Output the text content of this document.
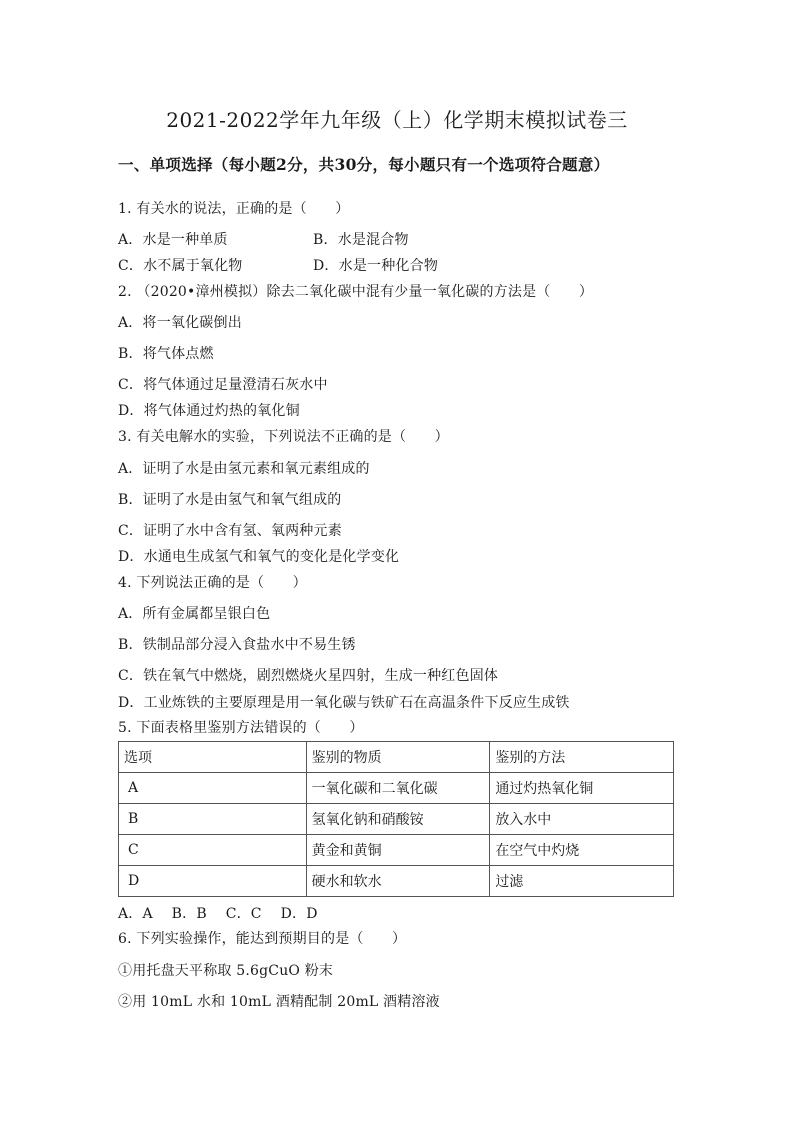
2021-2022学年九年级（上）化学期末模拟试卷三
一、单项选择（每小题2分，共30分，每小题只有一个选项符合题意）
1. 有关水的说法，正确的是（　　）
A．水是一种单质	B．水是混合物
C．水不属于氧化物	D．水是一种化合物
2. （2020•漳州模拟）除去二氧化碳中混有少量一氧化碳的方法是（　　）
A．将一氧化碳倒出
B．将气体点燃
C．将气体通过足量澄清石灰水中
D．将气体通过灼热的氧化铜
3. 有关电解水的实验，下列说法不正确的是（　　）
A．证明了水是由氢元素和氧元素组成的
B．证明了水是由氢气和氧气组成的
C．证明了水中含有氢、氧两种元素
D．水通电生成氢气和氧气的变化是化学变化
4. 下列说法正确的是（　　）
A．所有金属都呈银白色
B．铁制品部分浸入食盐水中不易生锈
C．铁在氧气中燃烧，剧烈燃烧火星四射，生成一种红色固体
D．工业炼铁的主要原理是用一氧化碳与铁矿石在高温条件下反应生成铁
5. 下面表格里鉴别方法错误的（　　）
选项	鉴别的物质	鉴别的方法
A	一氧化碳和二氧化碳	通过灼热氧化铜
B	氢氧化钠和硝酸铵	放入水中
C	黄金和黄铜	在空气中灼烧
D	硬水和软水	过滤
A．A　 B．B　 C．C　 D．D
6. 下列实验操作，能达到预期目的是（　　）
①用托盘天平称取 5.6gCuO 粉末
②用 10mL 水和 10mL 酒精配制 20mL 酒精溶液
